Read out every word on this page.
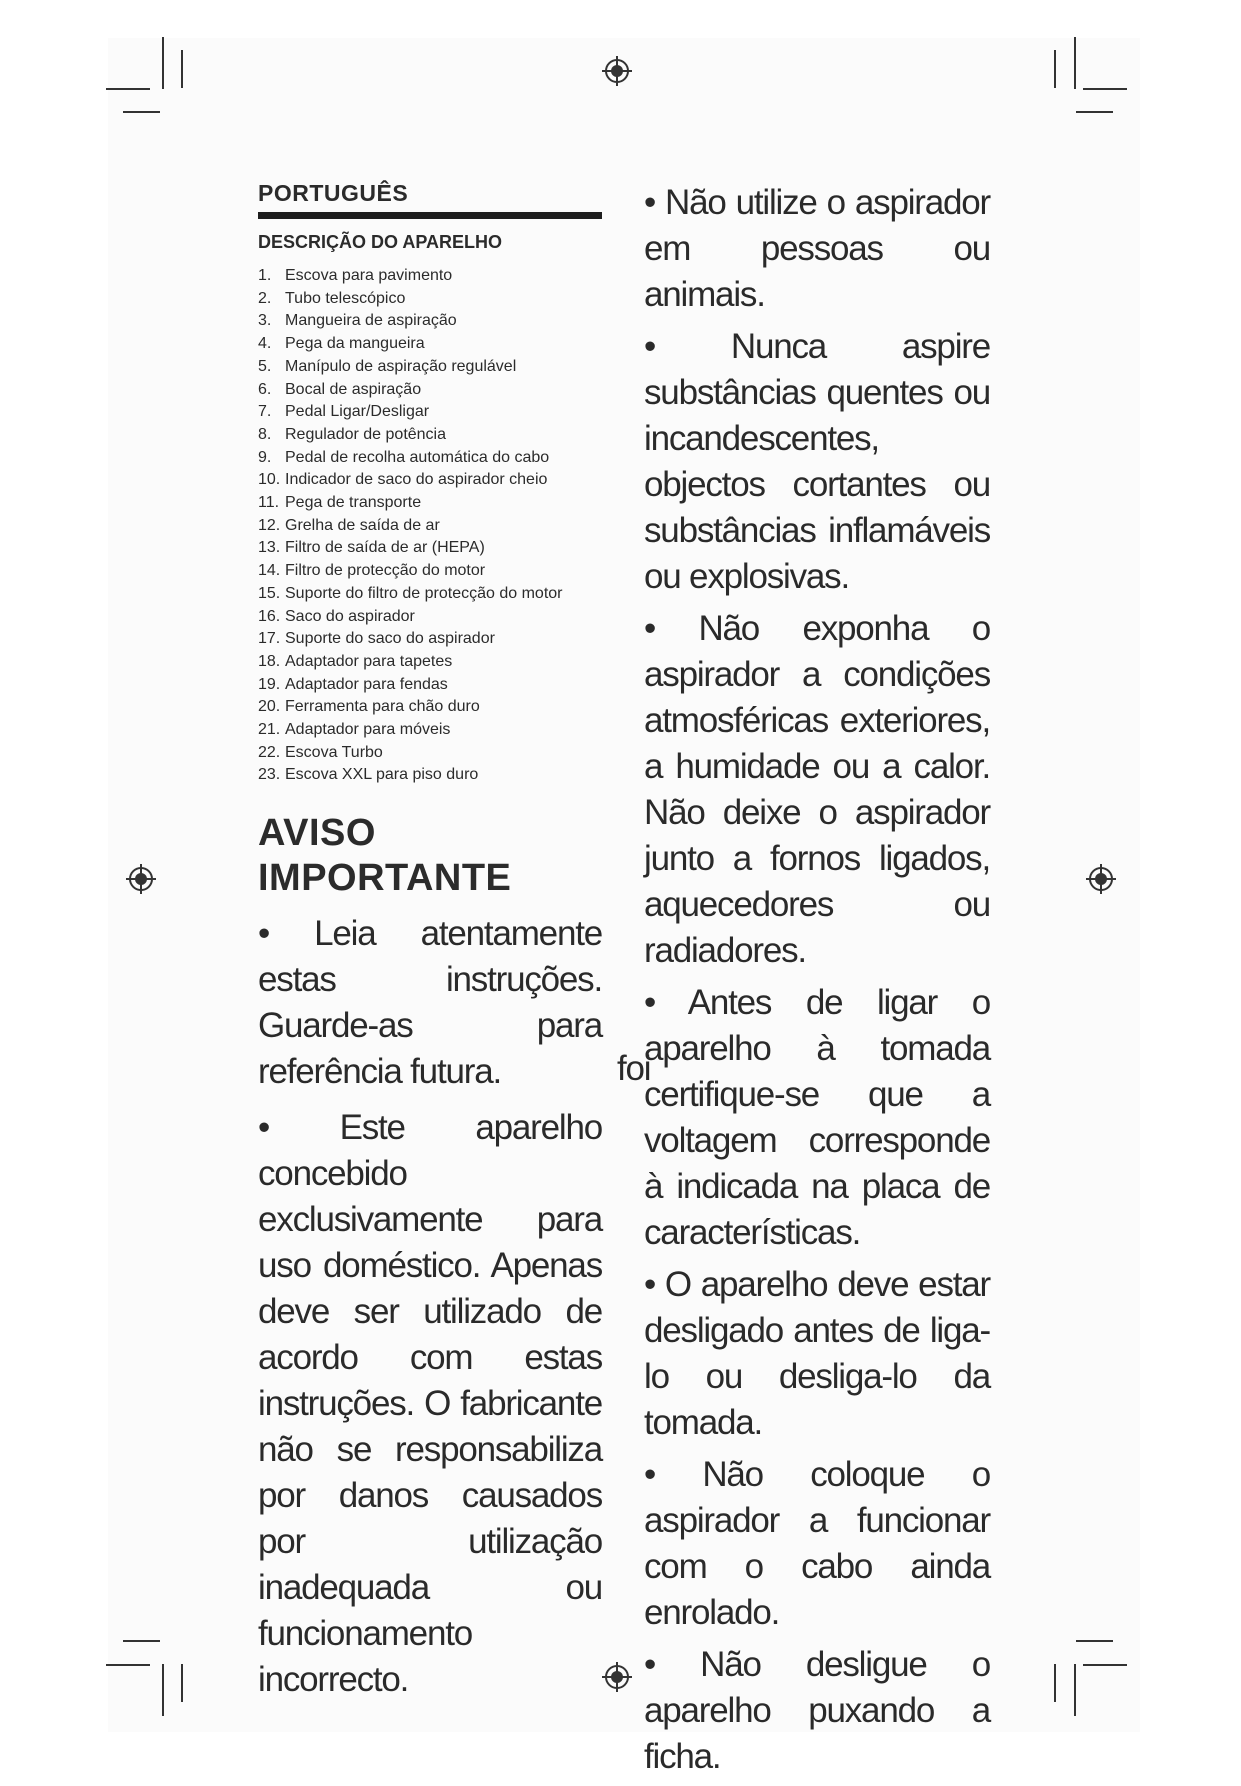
PORTUGUÊS
DESCRIÇÃO DO APARELHO
1. Escova para pavimento
2. Tubo telescópico
3. Mangueira de aspiração
4. Pega da mangueira
5. Manípulo de aspiração regulável
6. Bocal de aspiração
7. Pedal Ligar/Desligar
8. Regulador de potência
9. Pedal de recolha automática do cabo
10. Indicador de saco do aspirador cheio
11. Pega de transporte
12. Grelha de saída de ar
13. Filtro de saída de ar (HEPA)
14. Filtro de protecção do motor
15. Suporte do filtro de protecção do motor
16. Saco do aspirador
17. Suporte do saco do aspirador
18. Adaptador para tapetes
19. Adaptador para fendas
20. Ferramenta para chão duro
21. Adaptador para móveis
22. Escova Turbo
23. Escova XXL para piso duro
AVISO
IMPORTANTE

• Leia atentamente estas instruções. Guarde-as para referência futura.

• Este aparelho concebido exclusivamente para uso doméstico. Apenas deve ser utilizado de acordo com estas instruções. O fabricante não se responsabiliza por danos causados por utilização inadequada ou funcionamento incorrecto.

foi

• Não utilize o aspirador em pessoas ou animais.

• Nunca aspire substâncias quentes ou incandescentes, objectos cortantes ou substâncias inflamáveis ou explosivas.

• Não exponha o aspirador a condições atmosféricas exteriores, a humidade ou a calor. Não deixe o aspirador junto a fornos ligados, aquecedores ou radiadores.

• Antes de ligar o aparelho à tomada certifique-se que a voltagem corresponde à indicada na placa de características.

• O aparelho deve estar desligado antes de liga-lo ou desliga-lo da tomada.

• Não coloque o aspirador a funcionar com o cabo ainda enrolado.

• Não desligue o aparelho puxando a ficha.
